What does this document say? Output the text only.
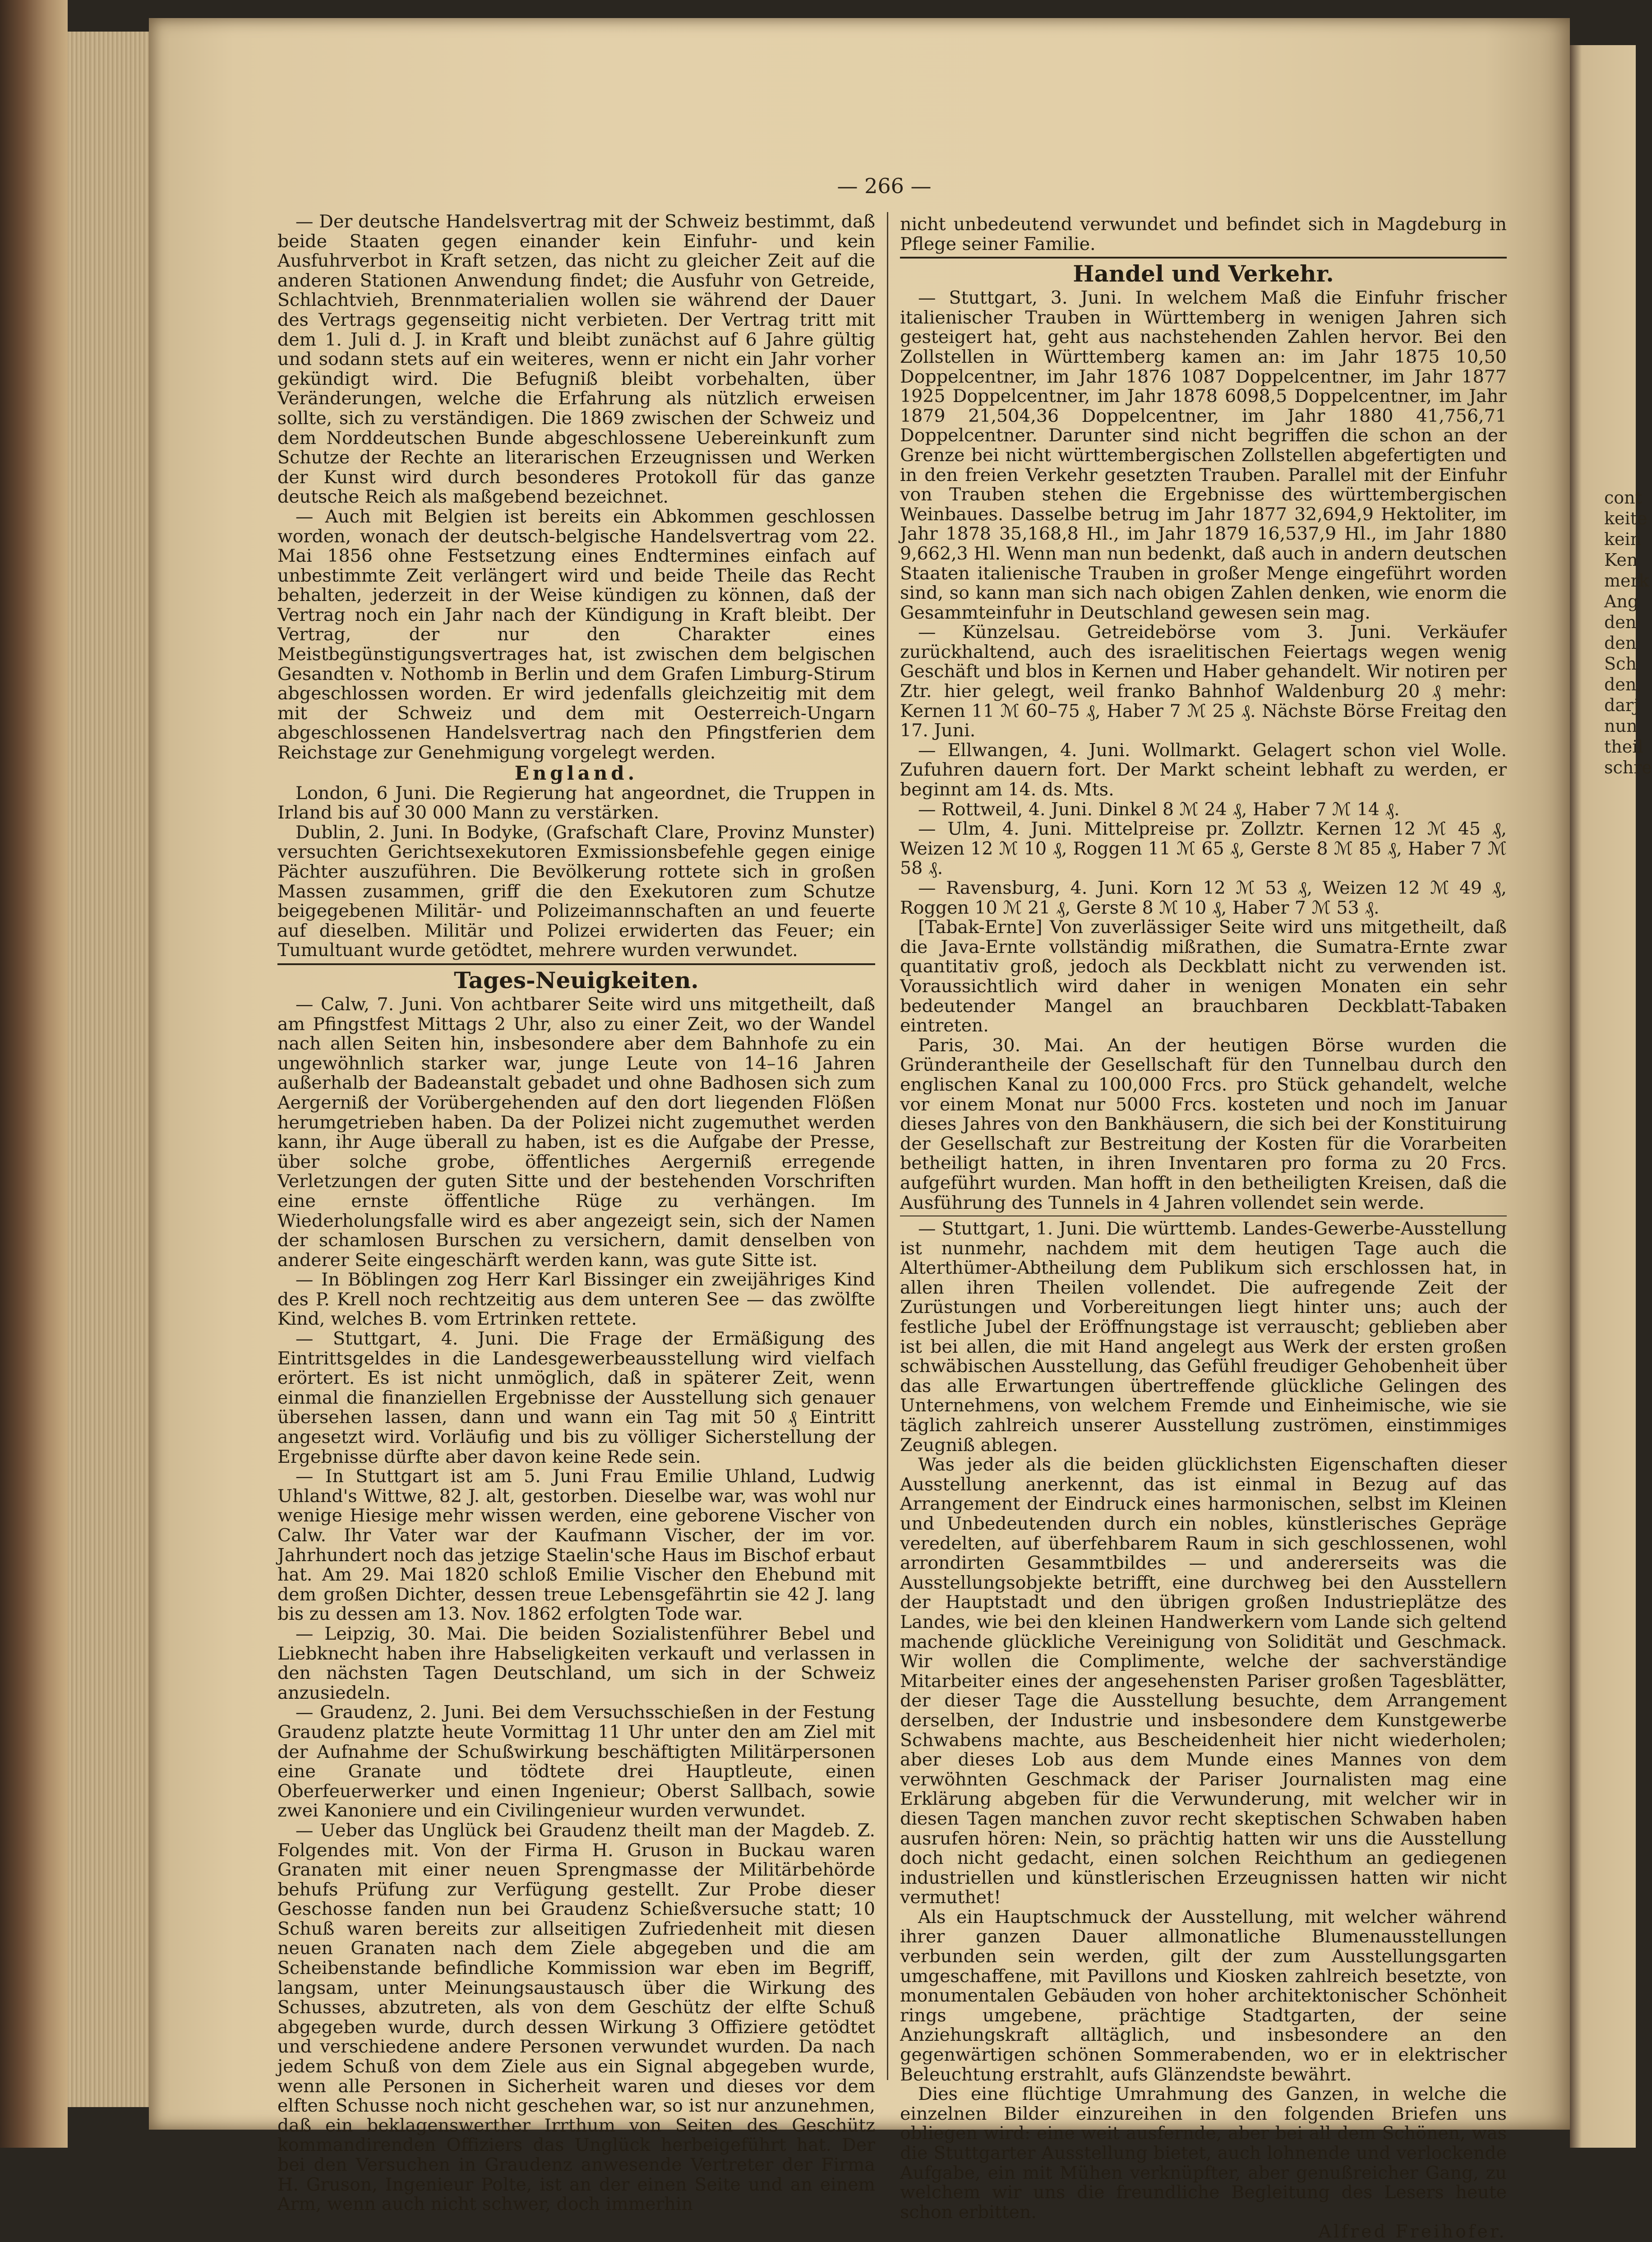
— 266 —

— Der deutsche Handelsvertrag mit der Schweiz bestimmt, daß beide Staaten gegen einander kein Einfuhr- und kein Ausfuhrverbot in Kraft setzen, das nicht zu gleicher Zeit auf die anderen Stationen Anwendung findet; die Ausfuhr von Getreide, Schlachtvieh, Brennmaterialien wollen sie während der Dauer des Vertrags gegenseitig nicht verbieten. Der Vertrag tritt mit dem 1. Juli d. J. in Kraft und bleibt zunächst auf 6 Jahre gültig und sodann stets auf ein weiteres, wenn er nicht ein Jahr vorher gekündigt wird. Die Befugniß bleibt vorbehalten, über Veränderungen, welche die Erfahrung als nützlich erweisen sollte, sich zu verständigen. Die 1869 zwischen der Schweiz und dem Norddeutschen Bunde abgeschlossene Uebereinkunft zum Schutze der Rechte an literarischen Erzeugnissen und Werken der Kunst wird durch besonderes Protokoll für das ganze deutsche Reich als maßgebend bezeichnet.

— Auch mit Belgien ist bereits ein Abkommen geschlossen worden, wonach der deutsch-belgische Handelsvertrag vom 22. Mai 1856 ohne Festsetzung eines Endtermines einfach auf unbestimmte Zeit verlängert wird und beide Theile das Recht behalten, jederzeit in der Weise kündigen zu können, daß der Vertrag noch ein Jahr nach der Kündigung in Kraft bleibt. Der Vertrag, der nur den Charakter eines Meistbegünstigungsvertrages hat, ist zwischen dem belgischen Gesandten v. Nothomb in Berlin und dem Grafen Limburg-Stirum abgeschlossen worden. Er wird jedenfalls gleichzeitig mit dem mit der Schweiz und dem mit Oesterreich-Ungarn abgeschlossenen Handelsvertrag nach den Pfingstferien dem Reichstage zur Genehmigung vorgelegt werden.

England.

London, 6 Juni. Die Regierung hat angeordnet, die Truppen in Irland bis auf 30 000 Mann zu verstärken.

Dublin, 2. Juni. In Bodyke, (Grafschaft Clare, Provinz Munster) versuchten Gerichtsexekutoren Exmissionsbefehle gegen einige Pächter auszuführen. Die Bevölkerung rottete sich in großen Massen zusammen, griff die den Exekutoren zum Schutze beigegebenen Militär- und Polizeimannschaften an und feuerte auf dieselben. Militär und Polizei erwiderten das Feuer; ein Tumultuant wurde getödtet, mehrere wurden verwundet.

Tages-Neuigkeiten.

— Calw, 7. Juni. Von achtbarer Seite wird uns mitgetheilt, daß am Pfingstfest Mittags 2 Uhr, also zu einer Zeit, wo der Wandel nach allen Seiten hin, insbesondere aber dem Bahnhofe zu ein ungewöhnlich starker war, junge Leute von 14–16 Jahren außerhalb der Badeanstalt gebadet und ohne Badhosen sich zum Aergerniß der Vorübergehenden auf den dort liegenden Flößen herumgetrieben haben. Da der Polizei nicht zugemuthet werden kann, ihr Auge überall zu haben, ist es die Aufgabe der Presse, über solche grobe, öffentliches Aergerniß erregende Verletzungen der guten Sitte und der bestehenden Vorschriften eine ernste öffentliche Rüge zu verhängen. Im Wiederholungsfalle wird es aber angezeigt sein, sich der Namen der schamlosen Burschen zu versichern, damit denselben von anderer Seite eingeschärft werden kann, was gute Sitte ist.

— In Böblingen zog Herr Karl Bissinger ein zweijähriges Kind des P. Krell noch rechtzeitig aus dem unteren See — das zwölfte Kind, welches B. vom Ertrinken rettete.

— Stuttgart, 4. Juni. Die Frage der Ermäßigung des Eintrittsgeldes in die Landesgewerbeausstellung wird vielfach erörtert. Es ist nicht unmöglich, daß in späterer Zeit, wenn einmal die finanziellen Ergebnisse der Ausstellung sich genauer übersehen lassen, dann und wann ein Tag mit 50 ₰ Eintritt angesetzt wird. Vorläufig und bis zu völliger Sicherstellung der Ergebnisse dürfte aber davon keine Rede sein.

— In Stuttgart ist am 5. Juni Frau Emilie Uhland, Ludwig Uhland's Wittwe, 82 J. alt, gestorben. Dieselbe war, was wohl nur wenige Hiesige mehr wissen werden, eine geborene Vischer von Calw. Ihr Vater war der Kaufmann Vischer, der im vor. Jahrhundert noch das jetzige Staelin'sche Haus im Bischof erbaut hat. Am 29. Mai 1820 schloß Emilie Vischer den Ehebund mit dem großen Dichter, dessen treue Lebensgefährtin sie 42 J. lang bis zu dessen am 13. Nov. 1862 erfolgten Tode war.

— Leipzig, 30. Mai. Die beiden Sozialistenführer Bebel und Liebknecht haben ihre Habseligkeiten verkauft und verlassen in den nächsten Tagen Deutschland, um sich in der Schweiz anzusiedeln.

— Graudenz, 2. Juni. Bei dem Versuchsschießen in der Festung Graudenz platzte heute Vormittag 11 Uhr unter den am Ziel mit der Aufnahme der Schußwirkung beschäftigten Militärpersonen eine Granate und tödtete drei Hauptleute, einen Oberfeuerwerker und einen Ingenieur; Oberst Sallbach, sowie zwei Kanoniere und ein Civilingenieur wurden verwundet.

— Ueber das Unglück bei Graudenz theilt man der Magdeb. Z. Folgendes mit. Von der Firma H. Gruson in Buckau waren Granaten mit einer neuen Sprengmasse der Militärbehörde behufs Prüfung zur Verfügung gestellt. Zur Probe dieser Geschosse fanden nun bei Graudenz Schießversuche statt; 10 Schuß waren bereits zur allseitigen Zufriedenheit mit diesen neuen Granaten nach dem Ziele abgegeben und die am Scheibenstande befindliche Kommission war eben im Begriff, langsam, unter Meinungsaustausch über die Wirkung des Schusses, abzutreten, als von dem Geschütz der elfte Schuß abgegeben wurde, durch dessen Wirkung 3 Offiziere getödtet und verschiedene andere Personen verwundet wurden. Da nach jedem Schuß von dem Ziele aus ein Signal abgegeben wurde, wenn alle Personen in Sicherheit waren und dieses vor dem elften Schusse noch nicht geschehen war, so ist nur anzunehmen, daß ein beklagenswerther Irrthum von Seiten des Geschütz kommandirenden Offiziers das Unglück herbeigeführt hat. Der bei den Versuchen in Graudenz anwesende Vertreter der Firma H. Gruson, Ingenieur Polte, ist an der einen Seite und an einem Arm, wenn auch nicht schwer, doch immerhin

nicht unbedeutend verwundet und befindet sich in Magdeburg in Pflege seiner Familie.

Handel und Verkehr.

— Stuttgart, 3. Juni. In welchem Maß die Einfuhr frischer italienischer Trauben in Württemberg in wenigen Jahren sich gesteigert hat, geht aus nachstehenden Zahlen hervor. Bei den Zollstellen in Württemberg kamen an: im Jahr 1875 10,50 Doppelcentner, im Jahr 1876 1087 Doppelcentner, im Jahr 1877 1925 Doppelcentner, im Jahr 1878 6098,5 Doppelcentner, im Jahr 1879 21,504,36 Doppelcentner, im Jahr 1880 41,756,71 Doppelcentner. Darunter sind nicht begriffen die schon an der Grenze bei nicht württembergischen Zollstellen abgefertigten und in den freien Verkehr gesetzten Trauben. Parallel mit der Einfuhr von Trauben stehen die Ergebnisse des württembergischen Weinbaues. Dasselbe betrug im Jahr 1877 32,694,9 Hektoliter, im Jahr 1878 35,168,8 Hl., im Jahr 1879 16,537,9 Hl., im Jahr 1880 9,662,3 Hl. Wenn man nun bedenkt, daß auch in andern deutschen Staaten italienische Trauben in großer Menge eingeführt worden sind, so kann man sich nach obigen Zahlen denken, wie enorm die Gesammteinfuhr in Deutschland gewesen sein mag.

— Künzelsau. Getreidebörse vom 3. Juni. Verkäufer zurückhaltend, auch des israelitischen Feiertags wegen wenig Geschäft und blos in Kernen und Haber gehandelt. Wir notiren per Ztr. hier gelegt, weil franko Bahnhof Waldenburg 20 ₰ mehr: Kernen 11 ℳ 60–75 ₰, Haber 7 ℳ 25 ₰. Nächste Börse Freitag den 17. Juni.

— Ellwangen, 4. Juni. Wollmarkt. Gelagert schon viel Wolle. Zufuhren dauern fort. Der Markt scheint lebhaft zu werden, er beginnt am 14. ds. Mts.

— Rottweil, 4. Juni. Dinkel 8 ℳ 24 ₰, Haber 7 ℳ 14 ₰.

— Ulm, 4. Juni. Mittelpreise pr. Zollztr. Kernen 12 ℳ 45 ₰, Weizen 12 ℳ 10 ₰, Roggen 11 ℳ 65 ₰, Gerste 8 ℳ 85 ₰, Haber 7 ℳ 58 ₰.

— Ravensburg, 4. Juni. Korn 12 ℳ 53 ₰, Weizen 12 ℳ 49 ₰, Roggen 10 ℳ 21 ₰, Gerste 8 ℳ 10 ₰, Haber 7 ℳ 53 ₰.

[Tabak-Ernte] Von zuverlässiger Seite wird uns mitgetheilt, daß die Java-Ernte vollständig mißrathen, die Sumatra-Ernte zwar quantitativ groß, jedoch als Deckblatt nicht zu verwenden ist. Voraussichtlich wird daher in wenigen Monaten ein sehr bedeutender Mangel an brauchbaren Deckblatt-Tabaken eintreten.

Paris, 30. Mai. An der heutigen Börse wurden die Gründerantheile der Gesellschaft für den Tunnelbau durch den englischen Kanal zu 100,000 Frcs. pro Stück gehandelt, welche vor einem Monat nur 5000 Frcs. kosteten und noch im Januar dieses Jahres von den Bankhäusern, die sich bei der Konstituirung der Gesellschaft zur Bestreitung der Kosten für die Vorarbeiten betheiligt hatten, in ihren Inventaren pro forma zu 20 Frcs. aufgeführt wurden. Man hofft in den betheiligten Kreisen, daß die Ausführung des Tunnels in 4 Jahren vollendet sein werde.

— Stuttgart, 1. Juni. Die württemb. Landes-Gewerbe-Ausstellung ist nunmehr, nachdem mit dem heutigen Tage auch die Alterthümer-Abtheilung dem Publikum sich erschlossen hat, in allen ihren Theilen vollendet. Die aufregende Zeit der Zurüstungen und Vorbereitungen liegt hinter uns; auch der festliche Jubel der Eröffnungstage ist verrauscht; geblieben aber ist bei allen, die mit Hand angelegt aus Werk der ersten großen schwäbischen Ausstellung, das Gefühl freudiger Gehobenheit über das alle Erwartungen übertreffende glückliche Gelingen des Unternehmens, von welchem Fremde und Einheimische, wie sie täglich zahlreich unserer Ausstellung zuströmen, einstimmiges Zeugniß ablegen.

Was jeder als die beiden glücklichsten Eigenschaften dieser Ausstellung anerkennt, das ist einmal in Bezug auf das Arrangement der Eindruck eines harmonischen, selbst im Kleinen und Unbedeutenden durch ein nobles, künstlerisches Gepräge veredelten, auf überfehbarem Raum in sich geschlossenen, wohl arrondirten Gesammtbildes — und andererseits was die Ausstellungsobjekte betrifft, eine durchweg bei den Ausstellern der Hauptstadt und den übrigen großen Industrieplätze des Landes, wie bei den kleinen Handwerkern vom Lande sich geltend machende glückliche Vereinigung von Solidität und Geschmack. Wir wollen die Complimente, welche der sachverständige Mitarbeiter eines der angesehensten Pariser großen Tagesblätter, der dieser Tage die Ausstellung besuchte, dem Arrangement derselben, der Industrie und insbesondere dem Kunstgewerbe Schwabens machte, aus Bescheidenheit hier nicht wiederholen; aber dieses Lob aus dem Munde eines Mannes von dem verwöhnten Geschmack der Pariser Journalisten mag eine Erklärung abgeben für die Verwunderung, mit welcher wir in diesen Tagen manchen zuvor recht skeptischen Schwaben haben ausrufen hören: Nein, so prächtig hatten wir uns die Ausstellung doch nicht gedacht, einen solchen Reichthum an gediegenen industriellen und künstlerischen Erzeugnissen hatten wir nicht vermuthet!

Als ein Hauptschmuck der Ausstellung, mit welcher während ihrer ganzen Dauer allmonatliche Blumenausstellungen verbunden sein werden, gilt der zum Ausstellungsgarten umgeschaffene, mit Pavillons und Kiosken zahlreich besetzte, von monumentalen Gebäuden von hoher architektonischer Schönheit rings umgebene, prächtige Stadtgarten, der seine Anziehungskraft alltäglich, und insbesondere an den gegenwärtigen schönen Sommerabenden, wo er in elektrischer Beleuchtung erstrahlt, aufs Glänzendste bewährt.

Dies eine flüchtige Umrahmung des Ganzen, in welche die einzelnen Bilder einzureihen in den folgenden Briefen uns obliegen wird: eine weit ausfernde, aber bei all dem Schönen, was die Stuttgarter Ausstellung bietet, auch lohnende und verlockende Aufgabe, ein mit Mühen verknüpfter, aber genußreicher Gang, zu welchem wir uns die freundliche Begleitung des Lesers heute schon erbitten.

Alfred Freihofer.
cont
keite
kein
Ken
merk
Ang
den
den
Sch
den,
darj
nun
theil
schre
